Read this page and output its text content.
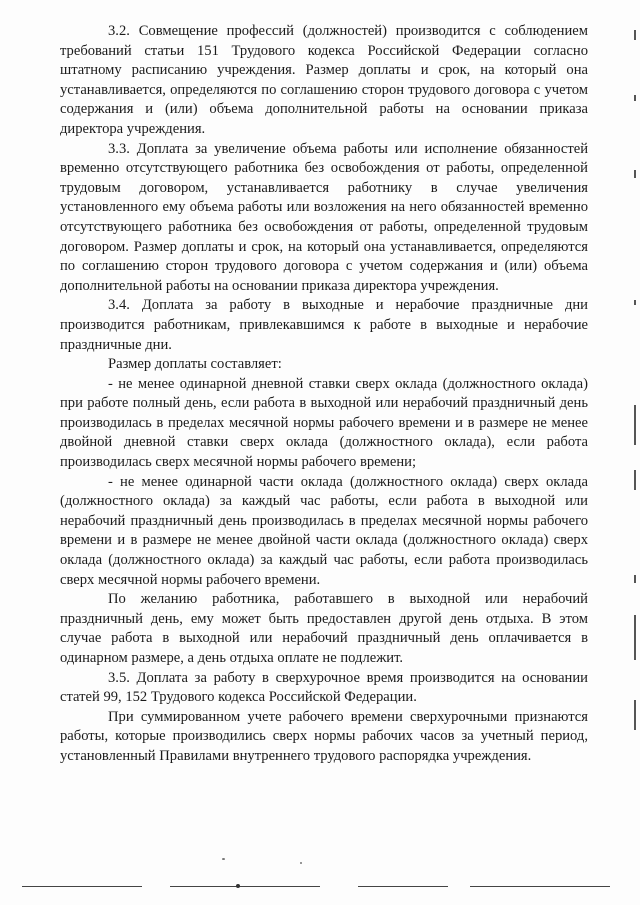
3.2. Совмещение профессий (должностей) производится с соблюдением требований статьи 151 Трудового кодекса Российской Федерации согласно штатному расписанию учреждения. Размер доплаты и срок, на который она устанавливается, определяются по соглашению сторон трудового договора с учетом содержания и (или) объема дополнительной работы на основании приказа директора учреждения.

3.3. Доплата за увеличение объема работы или исполнение обязанностей временно отсутствующего работника без освобождения от работы, определенной трудовым договором, устанавливается работнику в случае увеличения установленного ему объема работы или возложения на него обязанностей временно отсутствующего работника без освобождения от работы, определенной трудовым договором. Размер доплаты и срок, на который она устанавливается, определяются по соглашению сторон трудового договора с учетом содержания и (или) объема дополнительной работы на основании приказа директора учреждения.

3.4. Доплата за работу в выходные и нерабочие праздничные дни производится работникам, привлекавшимся к работе в выходные и нерабочие праздничные дни.

Размер доплаты составляет:

- не менее одинарной дневной ставки сверх оклада (должностного оклада) при работе полный день, если работа в выходной или нерабочий праздничный день производилась в пределах месячной нормы рабочего времени и в размере не менее двойной дневной ставки сверх оклада (должностного оклада), если работа производилась сверх месячной нормы рабочего времени;

- не менее одинарной части оклада (должностного оклада) сверх оклада (должностного оклада) за каждый час работы, если работа в выходной или нерабочий праздничный день производилась в пределах месячной нормы рабочего времени и в размере не менее двойной части оклада (должностного оклада) сверх оклада (должностного оклада) за каждый час работы, если работа производилась сверх месячной нормы рабочего времени.

По желанию работника, работавшего в выходной или нерабочий праздничный день, ему может быть предоставлен другой день отдыха. В этом случае работа в выходной или нерабочий праздничный день оплачивается в одинарном размере, а день отдыха оплате не подлежит.

3.5. Доплата за работу в сверхурочное время производится на основании статей 99, 152 Трудового кодекса Российской Федерации.

При суммированном учете рабочего времени сверхурочными признаются работы, которые производились сверх нормы рабочих часов за учетный период, установленный Правилами внутреннего трудового распорядка учреждения.
